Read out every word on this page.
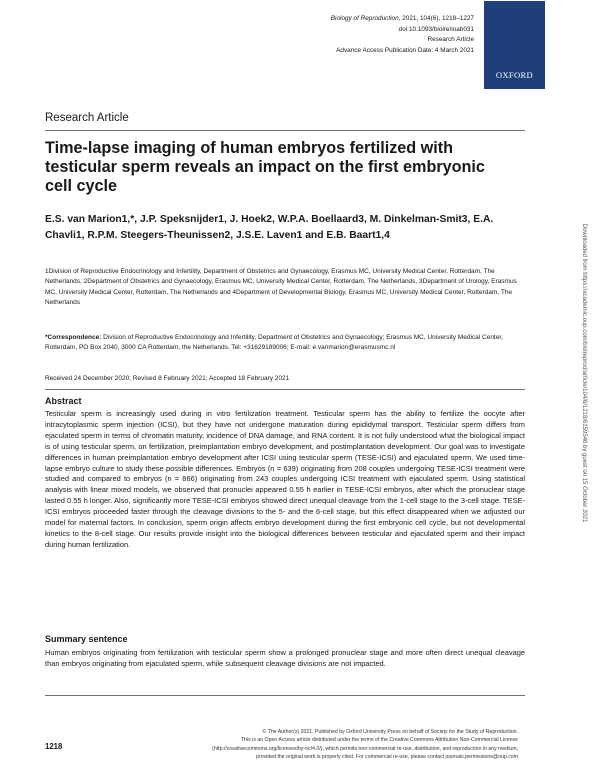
Biology of Reproduction, 2021, 104(6), 1218–1227
doi:10.1093/biolre/ioab031
Research Article
Advance Access Publication Date: 4 March 2021
OXFORD
Research Article
Time-lapse imaging of human embryos fertilized with testicular sperm reveals an impact on the first embryonic cell cycle
E.S. van Marion1,*, J.P. Speksnijder1, J. Hoek2, W.P.A. Boellaard3, M. Dinkelman-Smit3, E.A. Chavli1, R.P.M. Steegers-Theunissen2, J.S.E. Laven1 and E.B. Baart1,4
1Division of Reproductive Endocrinology and Infertility, Department of Obstetrics and Gynaecology, Erasmus MC, University Medical Center, Rotterdam, The Netherlands, 2Department of Obstetrics and Gynaecology, Erasmus MC, University Medical Center, Rotterdam, The Netherlands, 3Department of Urology, Erasmus MC, University Medical Center, Rotterdam, The Netherlands and 4Department of Developmental Biology, Erasmus MC, University Medical Center, Rotterdam, The Netherlands
*Correspondence: Division of Reproductive Endocrinology and Infertility, Department of Obstetrics and Gynaecology; Erasmus MC, University Medical Center, Rotterdam, PO Box 2040, 3000 CA Rotterdam, the Netherlands. Tel: +31629189006; E-mail: e.vanmarion@erasmusmc.nl
Received 24 December 2020; Revised 8 February 2021; Accepted 18 February 2021
Abstract

Testicular sperm is increasingly used during in vitro fertilization treatment. Testicular sperm has the ability to fertilize the oocyte after intracytoplasmic sperm injection (ICSI), but they have not undergone maturation during epididymal transport. Testicular sperm differs from ejaculated sperm in terms of chromatin maturity, incidence of DNA damage, and RNA content. It is not fully understood what the biological impact is of using testicular sperm, on fertilization, preimplantation embryo development, and postimplantation development. Our goal was to investigate differences in human preimplantation embryo development after ICSI using testicular sperm (TESE-ICSI) and ejaculated sperm. We used time-lapse embryo culture to study these possible differences. Embryos (n = 639) originating from 208 couples undergoing TESE-ICSI treatment were studied and compared to embryos (n = 866) originating from 243 couples undergoing ICSI treatment with ejaculated sperm. Using statistical analysis with linear mixed models, we observed that pronuclei appeared 0.55 h earlier in TESE-ICSI embryos, after which the pronuclear stage lasted 0.55 h longer. Also, significantly more TESE-ICSI embryos showed direct unequal cleavage from the 1-cell stage to the 3-cell stage. TESE-ICSI embryos proceeded faster through the cleavage divisions to the 5- and the 6-cell stage, but this effect disappeared when we adjusted our model for maternal factors. In conclusion, sperm origin affects embryo development during the first embryonic cell cycle, but not developmental kinetics to the 8-cell stage. Our results provide insight into the biological differences between testicular and ejaculated sperm and their impact during human fertilization.

Summary sentence

Human embryos originating from fertilization with testicular sperm show a prolonged pronuclear stage and more often direct unequal cleavage than embryos originating from ejaculated sperm, while subsequent cleavage divisions are not impacted.

© The Author(s) 2021. Published by Oxford University Press on behalf of Society for the Study of Reproduction.
This is an Open Access article distributed under the terms of the Creative Commons Attribution Non-Commercial License
(http://creativecommons.org/licenses/by-nc/4.0/), which permits non-commercial re-use, distribution, and reproduction in any medium,
provided the original work is properly cited. For commercial re-use, please contact journals.permissions@oup.com
1218
Downloaded from https://academic.oup.com/biolreprod/article/104/6/1218/6159546 by guest on 15 October 2021
